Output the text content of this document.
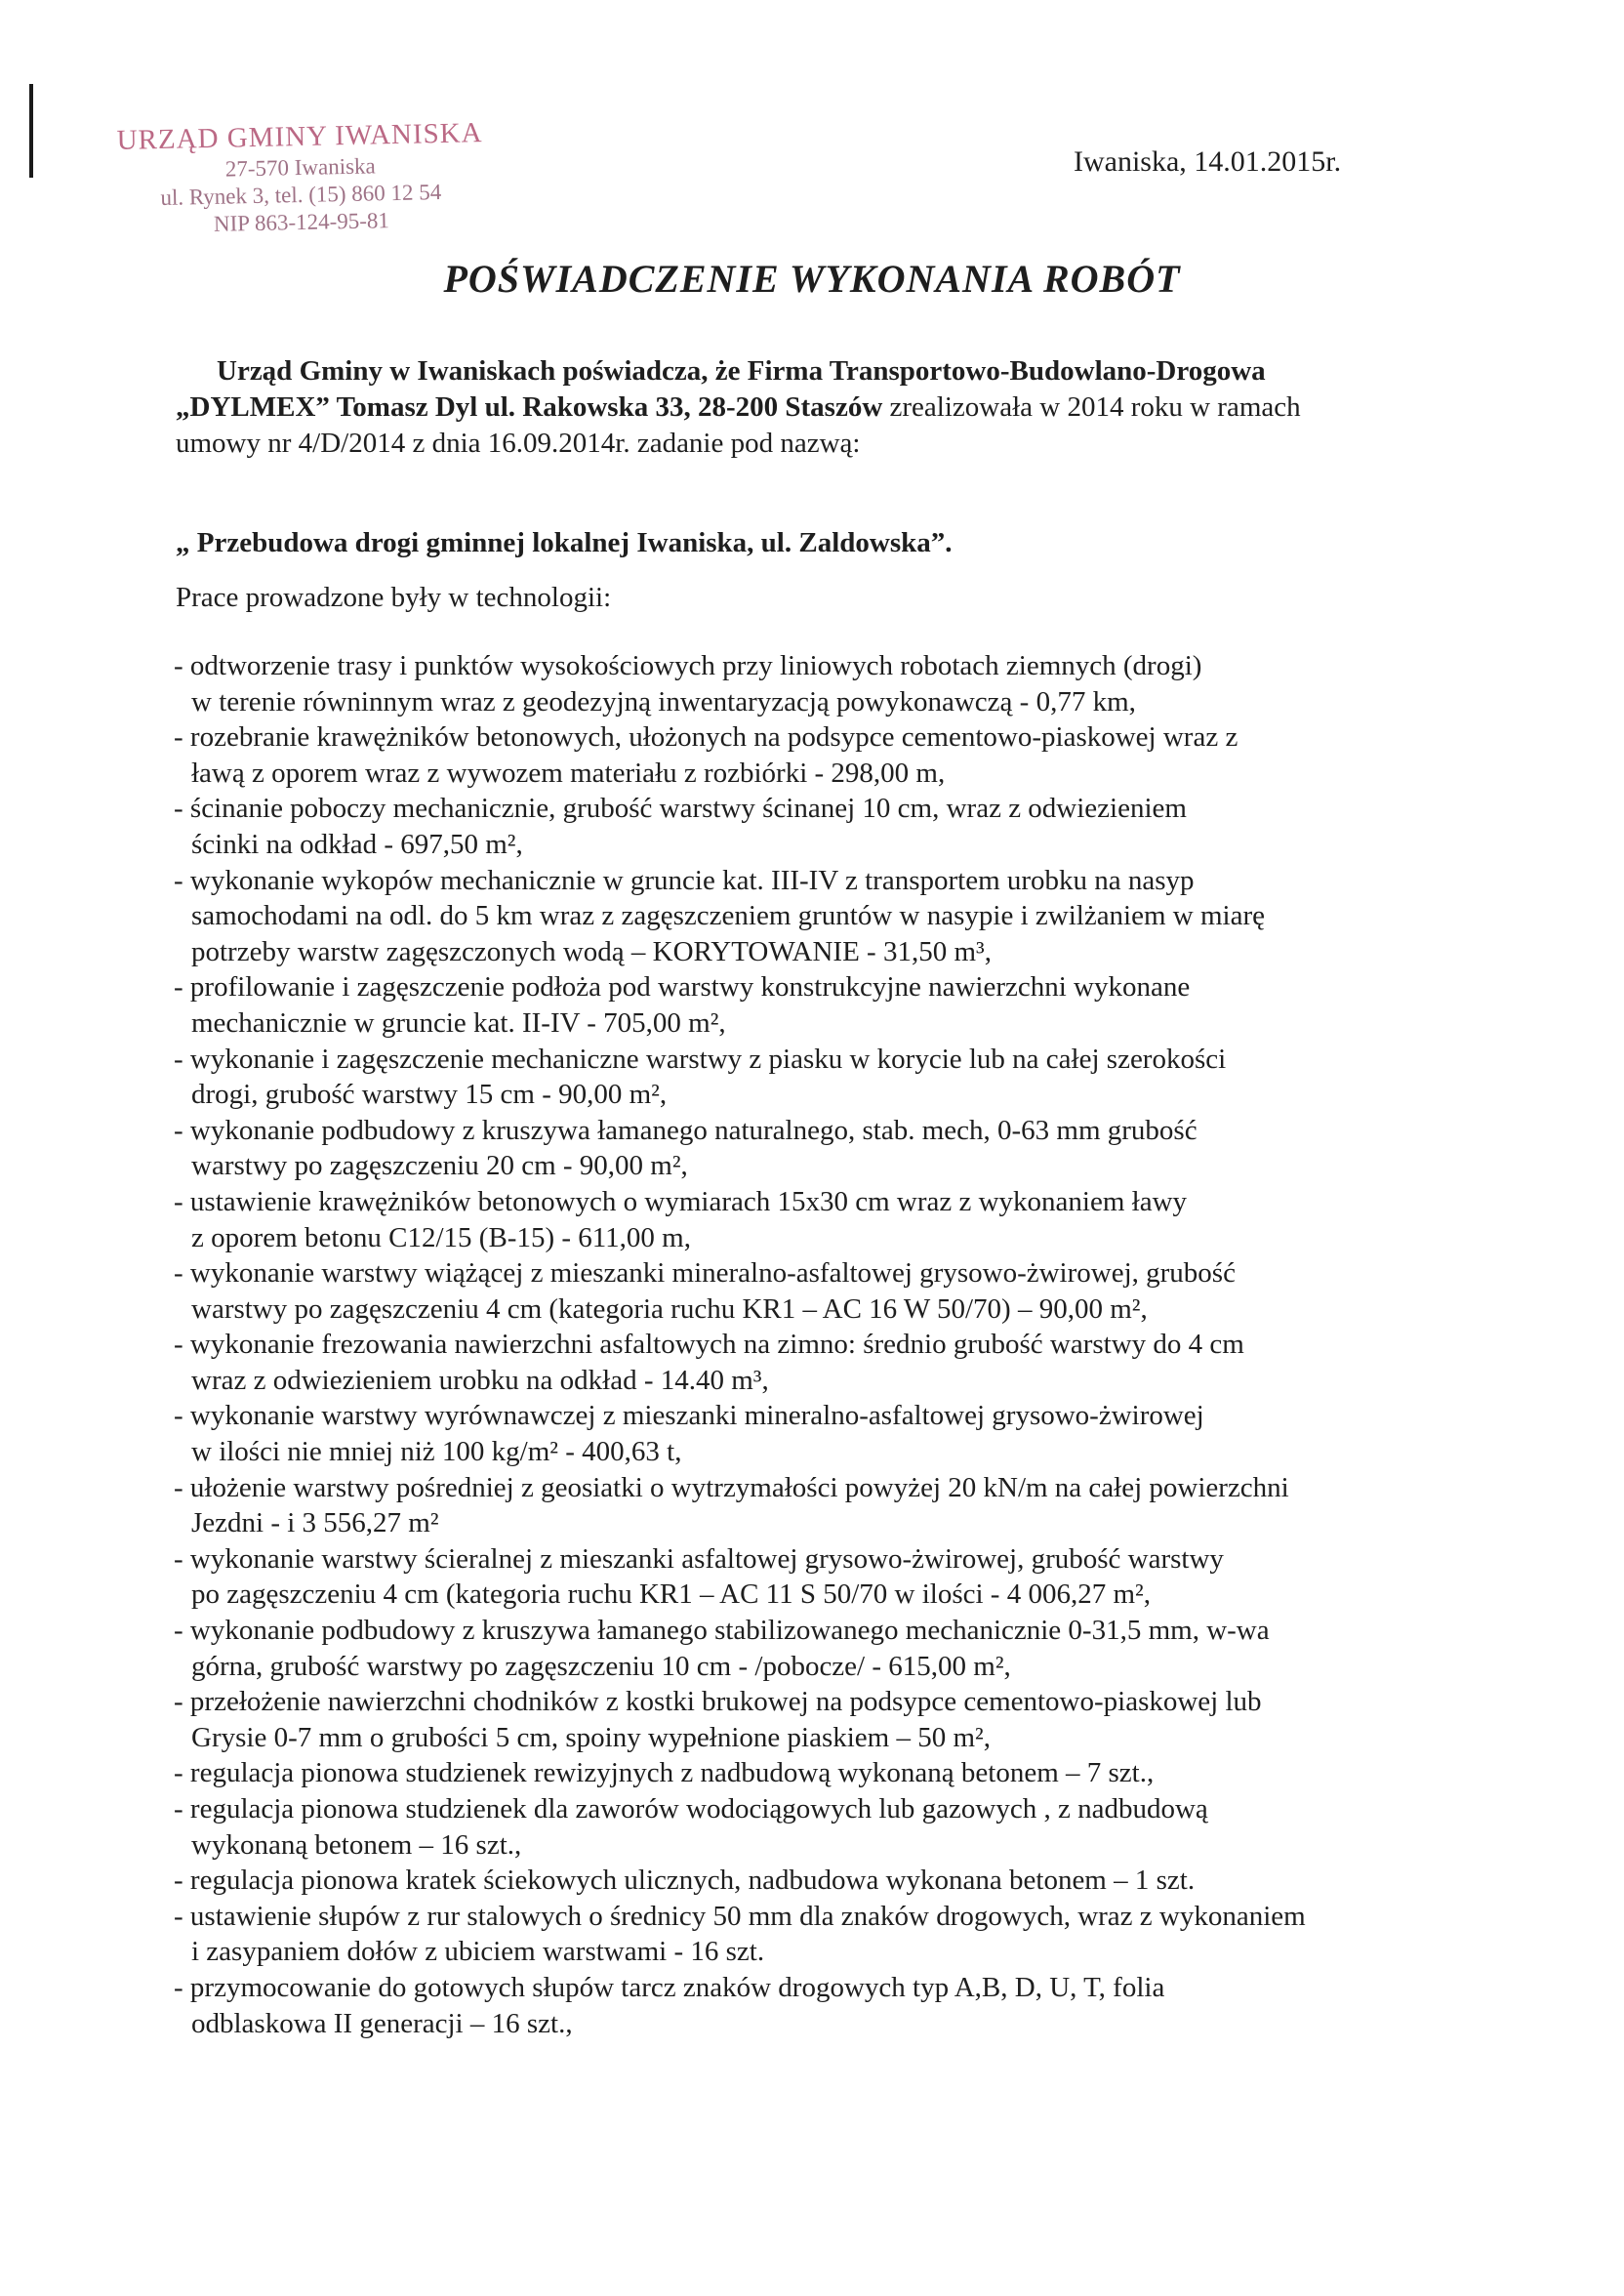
URZĄD GMINY IWANISKA
27-570 Iwaniska
ul. Rynek 3, tel. (15) 860 12 54
NIP 863-124-95-81
Iwaniska, 14.01.2015r.
POŚWIADCZENIE WYKONANIA ROBÓT
Urząd Gminy w Iwaniskach poświadcza, że Firma Transportowo-Budowlano-Drogowa
„DYLMEX” Tomasz Dyl ul. Rakowska 33, 28-200 Staszów zrealizowała w 2014 roku w ramach
umowy nr 4/D/2014 z dnia 16.09.2014r. zadanie pod nazwą:
„ Przebudowa drogi gminnej lokalnej Iwaniska, ul. Zaldowska”.
Prace prowadzone były w technologii:
- odtworzenie trasy i punktów wysokościowych przy liniowych robotach ziemnych (drogi)
w terenie równinnym wraz z geodezyjną inwentaryzacją powykonawczą - 0,77 km,
- rozebranie krawężników betonowych, ułożonych na podsypce cementowo-piaskowej wraz z
ławą z oporem wraz z wywozem materiału z rozbiórki - 298,00 m,
- ścinanie poboczy mechanicznie, grubość warstwy ścinanej 10 cm, wraz z odwiezieniem
ścinki na odkład - 697,50 m²,
- wykonanie wykopów mechanicznie w gruncie kat. III-IV z transportem urobku na nasyp
samochodami na odl. do 5 km wraz z zagęszczeniem gruntów w nasypie i zwilżaniem w miarę
potrzeby warstw zagęszczonych wodą – KORYTOWANIE - 31,50 m³,
- profilowanie i zagęszczenie podłoża pod warstwy konstrukcyjne nawierzchni wykonane
mechanicznie w gruncie kat. II-IV - 705,00 m²,
- wykonanie i zagęszczenie mechaniczne warstwy z piasku w korycie lub na całej szerokości
drogi, grubość warstwy 15 cm - 90,00 m²,
- wykonanie podbudowy z kruszywa łamanego naturalnego, stab. mech, 0-63 mm grubość
warstwy po zagęszczeniu 20 cm - 90,00 m²,
- ustawienie krawężników betonowych o wymiarach 15x30 cm wraz z wykonaniem ławy
z oporem betonu C12/15 (B-15) - 611,00 m,
- wykonanie warstwy wiążącej z mieszanki mineralno-asfaltowej grysowo-żwirowej, grubość
warstwy po zagęszczeniu 4 cm (kategoria ruchu KR1 – AC 16 W 50/70) – 90,00 m²,
- wykonanie frezowania nawierzchni asfaltowych na zimno: średnio grubość warstwy do 4 cm
wraz z odwiezieniem urobku na odkład - 14.40 m³,
- wykonanie warstwy wyrównawczej z mieszanki mineralno-asfaltowej grysowo-żwirowej
w ilości nie mniej niż 100 kg/m² - 400,63 t,
- ułożenie warstwy pośredniej z geosiatki o wytrzymałości powyżej 20 kN/m na całej powierzchni
Jezdni - i 3 556,27 m²
- wykonanie warstwy ścieralnej z mieszanki asfaltowej grysowo-żwirowej, grubość warstwy
po zagęszczeniu 4 cm (kategoria ruchu KR1 – AC 11 S 50/70 w ilości - 4 006,27 m²,
- wykonanie podbudowy z kruszywa łamanego stabilizowanego mechanicznie 0-31,5 mm, w-wa
górna, grubość warstwy po zagęszczeniu 10 cm - /pobocze/ - 615,00 m²,
- przełożenie nawierzchni chodników z kostki brukowej na podsypce cementowo-piaskowej lub
Grysie 0-7 mm o grubości 5 cm, spoiny wypełnione piaskiem – 50 m²,
- regulacja pionowa studzienek rewizyjnych z nadbudową wykonaną betonem – 7 szt.,
- regulacja pionowa studzienek dla zaworów wodociągowych lub gazowych , z nadbudową
wykonaną betonem – 16 szt.,
- regulacja pionowa kratek ściekowych ulicznych, nadbudowa wykonana betonem – 1 szt.
- ustawienie słupów z rur stalowych o średnicy 50 mm dla znaków drogowych, wraz z wykonaniem
i zasypaniem dołów z ubiciem warstwami - 16 szt.
- przymocowanie do gotowych słupów tarcz znaków drogowych typ A,B, D, U, T, folia
odblaskowa II generacji – 16 szt.,
